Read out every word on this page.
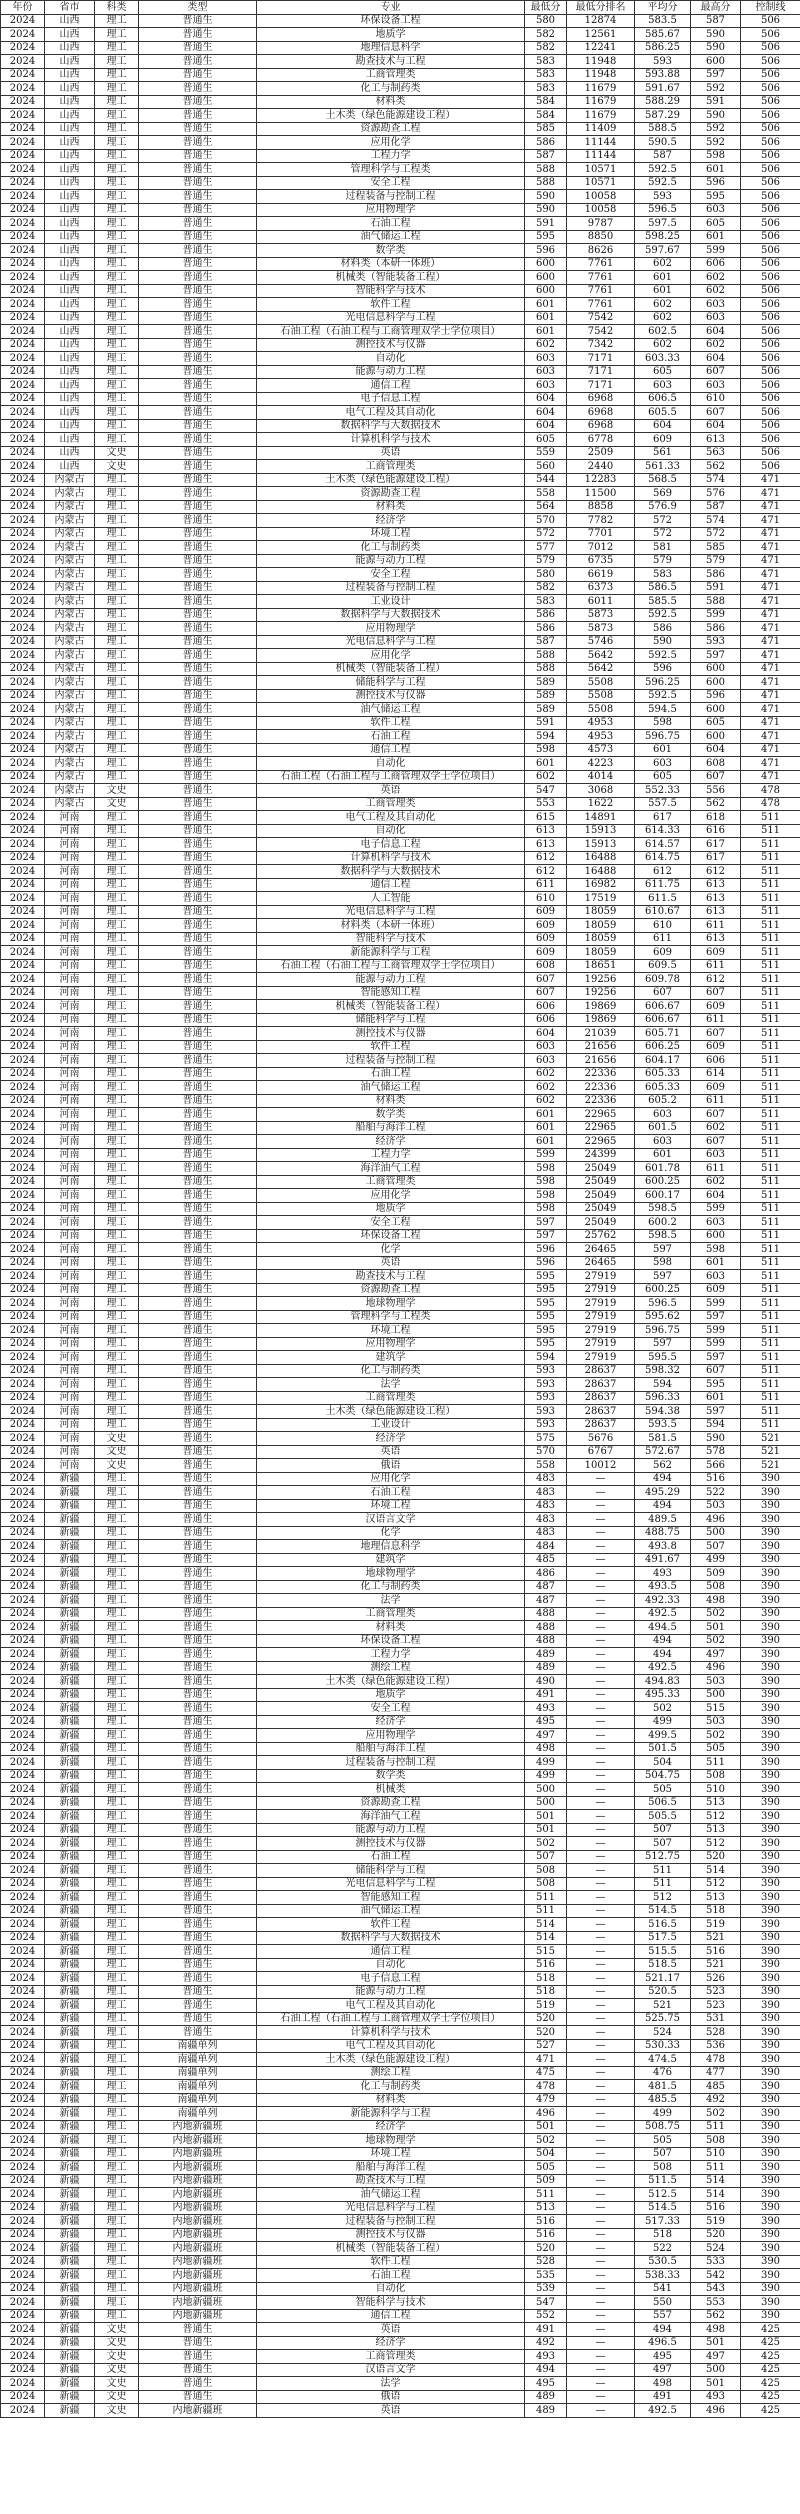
年份	省市	科类	类型	专业	最低分	最低分排名	平均分	最高分	控制线
2024	山西	理工	普通生	环保设备工程	580	12874	583.5	587	506
2024	山西	理工	普通生	地质学	582	12561	585.67	590	506
2024	山西	理工	普通生	地理信息科学	582	12241	586.25	590	506
2024	山西	理工	普通生	勘查技术与工程	583	11948	593	600	506
2024	山西	理工	普通生	工商管理类	583	11948	593.88	597	506
2024	山西	理工	普通生	化工与制药类	583	11679	591.67	592	506
2024	山西	理工	普通生	材料类	584	11679	588.29	591	506
2024	山西	理工	普通生	土木类（绿色能源建设工程）	584	11679	587.29	590	506
2024	山西	理工	普通生	资源勘查工程	585	11409	588.5	592	506
2024	山西	理工	普通生	应用化学	586	11144	590.5	592	506
2024	山西	理工	普通生	工程力学	587	11144	587	598	506
2024	山西	理工	普通生	管理科学与工程类	588	10571	592.5	601	506
2024	山西	理工	普通生	安全工程	588	10571	592.5	596	506
2024	山西	理工	普通生	过程装备与控制工程	590	10058	593	595	506
2024	山西	理工	普通生	应用物理学	590	10058	596.5	603	506
2024	山西	理工	普通生	石油工程	591	9787	597.5	605	506
2024	山西	理工	普通生	油气储运工程	595	8850	598.25	601	506
2024	山西	理工	普通生	数学类	596	8626	597.67	599	506
2024	山西	理工	普通生	材料类（本研一体班）	600	7761	602	606	506
2024	山西	理工	普通生	机械类（智能装备工程）	600	7761	601	602	506
2024	山西	理工	普通生	智能科学与技术	600	7761	601	602	506
2024	山西	理工	普通生	软件工程	601	7761	602	603	506
2024	山西	理工	普通生	光电信息科学与工程	601	7542	602	603	506
2024	山西	理工	普通生	石油工程（石油工程与工商管理双学士学位项目）	601	7542	602.5	604	506
2024	山西	理工	普通生	测控技术与仪器	602	7342	602	602	506
2024	山西	理工	普通生	自动化	603	7171	603.33	604	506
2024	山西	理工	普通生	能源与动力工程	603	7171	605	607	506
2024	山西	理工	普通生	通信工程	603	7171	603	603	506
2024	山西	理工	普通生	电子信息工程	604	6968	606.5	610	506
2024	山西	理工	普通生	电气工程及其自动化	604	6968	605.5	607	506
2024	山西	理工	普通生	数据科学与大数据技术	604	6968	604	604	506
2024	山西	理工	普通生	计算机科学与技术	605	6778	609	613	506
2024	山西	文史	普通生	英语	559	2509	561	563	506
2024	山西	文史	普通生	工商管理类	560	2440	561.33	562	506
2024	内蒙古	理工	普通生	土木类（绿色能源建设工程）	544	12283	568.5	574	471
2024	内蒙古	理工	普通生	资源勘查工程	558	11500	569	576	471
2024	内蒙古	理工	普通生	材料类	564	8858	576.9	587	471
2024	内蒙古	理工	普通生	经济学	570	7782	572	574	471
2024	内蒙古	理工	普通生	环境工程	572	7701	572	572	471
2024	内蒙古	理工	普通生	化工与制药类	577	7012	581	585	471
2024	内蒙古	理工	普通生	能源与动力工程	579	6735	579	579	471
2024	内蒙古	理工	普通生	安全工程	580	6619	583	586	471
2024	内蒙古	理工	普通生	过程装备与控制工程	582	6373	586.5	591	471
2024	内蒙古	理工	普通生	工业设计	583	6011	585.5	588	471
2024	内蒙古	理工	普通生	数据科学与大数据技术	586	5873	592.5	599	471
2024	内蒙古	理工	普通生	应用物理学	586	5873	586	586	471
2024	内蒙古	理工	普通生	光电信息科学与工程	587	5746	590	593	471
2024	内蒙古	理工	普通生	应用化学	588	5642	592.5	597	471
2024	内蒙古	理工	普通生	机械类（智能装备工程）	588	5642	596	600	471
2024	内蒙古	理工	普通生	储能科学与工程	589	5508	596.25	600	471
2024	内蒙古	理工	普通生	测控技术与仪器	589	5508	592.5	596	471
2024	内蒙古	理工	普通生	油气储运工程	589	5508	594.5	600	471
2024	内蒙古	理工	普通生	软件工程	591	4953	598	605	471
2024	内蒙古	理工	普通生	石油工程	594	4953	596.75	600	471
2024	内蒙古	理工	普通生	通信工程	598	4573	601	604	471
2024	内蒙古	理工	普通生	自动化	601	4223	603	608	471
2024	内蒙古	理工	普通生	石油工程（石油工程与工商管理双学士学位项目）	602	4014	605	607	471
2024	内蒙古	文史	普通生	英语	547	3068	552.33	556	478
2024	内蒙古	文史	普通生	工商管理类	553	1622	557.5	562	478
2024	河南	理工	普通生	电气工程及其自动化	615	14891	617	618	511
2024	河南	理工	普通生	自动化	613	15913	614.33	616	511
2024	河南	理工	普通生	电子信息工程	613	15913	614.57	617	511
2024	河南	理工	普通生	计算机科学与技术	612	16488	614.75	617	511
2024	河南	理工	普通生	数据科学与大数据技术	612	16488	612	612	511
2024	河南	理工	普通生	通信工程	611	16982	611.75	613	511
2024	河南	理工	普通生	人工智能	610	17519	611.5	613	511
2024	河南	理工	普通生	光电信息科学与工程	609	18059	610.67	613	511
2024	河南	理工	普通生	材料类（本研一体班）	609	18059	610	611	511
2024	河南	理工	普通生	智能科学与技术	609	18059	611	613	511
2024	河南	理工	普通生	新能源科学与工程	609	18059	609	609	511
2024	河南	理工	普通生	石油工程（石油工程与工商管理双学士学位项目）	608	18651	609.5	611	511
2024	河南	理工	普通生	能源与动力工程	607	19256	609.78	612	511
2024	河南	理工	普通生	智能感知工程	607	19256	607	607	511
2024	河南	理工	普通生	机械类（智能装备工程）	606	19869	606.67	609	511
2024	河南	理工	普通生	储能科学与工程	606	19869	606.67	611	511
2024	河南	理工	普通生	测控技术与仪器	604	21039	605.71	607	511
2024	河南	理工	普通生	软件工程	603	21656	606.25	609	511
2024	河南	理工	普通生	过程装备与控制工程	603	21656	604.17	606	511
2024	河南	理工	普通生	石油工程	602	22336	605.33	614	511
2024	河南	理工	普通生	油气储运工程	602	22336	605.33	609	511
2024	河南	理工	普通生	材料类	602	22336	605.2	611	511
2024	河南	理工	普通生	数学类	601	22965	603	607	511
2024	河南	理工	普通生	船舶与海洋工程	601	22965	601.5	602	511
2024	河南	理工	普通生	经济学	601	22965	603	607	511
2024	河南	理工	普通生	工程力学	599	24399	601	603	511
2024	河南	理工	普通生	海洋油气工程	598	25049	601.78	611	511
2024	河南	理工	普通生	工商管理类	598	25049	600.25	602	511
2024	河南	理工	普通生	应用化学	598	25049	600.17	604	511
2024	河南	理工	普通生	地质学	598	25049	598.5	599	511
2024	河南	理工	普通生	安全工程	597	25049	600.2	603	511
2024	河南	理工	普通生	环保设备工程	597	25762	598.5	600	511
2024	河南	理工	普通生	化学	596	26465	597	598	511
2024	河南	理工	普通生	英语	596	26465	598	601	511
2024	河南	理工	普通生	勘查技术与工程	595	27919	597	603	511
2024	河南	理工	普通生	资源勘查工程	595	27919	600.25	609	511
2024	河南	理工	普通生	地球物理学	595	27919	596.5	599	511
2024	河南	理工	普通生	管理科学与工程类	595	27919	595.62	597	511
2024	河南	理工	普通生	环境工程	595	27919	596.75	599	511
2024	河南	理工	普通生	应用物理学	595	27919	597	599	511
2024	河南	理工	普通生	建筑学	594	27919	595.5	597	511
2024	河南	理工	普通生	化工与制药类	593	28637	598.32	607	511
2024	河南	理工	普通生	法学	593	28637	594	595	511
2024	河南	理工	普通生	工商管理类	593	28637	596.33	601	511
2024	河南	理工	普通生	土木类（绿色能源建设工程）	593	28637	594.38	597	511
2024	河南	理工	普通生	工业设计	593	28637	593.5	594	511
2024	河南	文史	普通生	经济学	575	5676	581.5	590	521
2024	河南	文史	普通生	英语	570	6767	572.67	578	521
2024	河南	文史	普通生	俄语	558	10012	562	566	521
2024	新疆	理工	普通生	应用化学	483	—	494	516	390
2024	新疆	理工	普通生	石油工程	483	—	495.29	522	390
2024	新疆	理工	普通生	环境工程	483	—	494	503	390
2024	新疆	理工	普通生	汉语言文学	483	—	489.5	496	390
2024	新疆	理工	普通生	化学	483	—	488.75	500	390
2024	新疆	理工	普通生	地理信息科学	484	—	493.8	507	390
2024	新疆	理工	普通生	建筑学	485	—	491.67	499	390
2024	新疆	理工	普通生	地球物理学	486	—	493	509	390
2024	新疆	理工	普通生	化工与制药类	487	—	493.5	508	390
2024	新疆	理工	普通生	法学	487	—	492.33	498	390
2024	新疆	理工	普通生	工商管理类	488	—	492.5	502	390
2024	新疆	理工	普通生	材料类	488	—	494.5	501	390
2024	新疆	理工	普通生	环保设备工程	488	—	494	502	390
2024	新疆	理工	普通生	工程力学	489	—	494	497	390
2024	新疆	理工	普通生	测绘工程	489	—	492.5	496	390
2024	新疆	理工	普通生	土木类（绿色能源建设工程）	490	—	494.83	503	390
2024	新疆	理工	普通生	地质学	491	—	495.33	500	390
2024	新疆	理工	普通生	安全工程	493	—	502	515	390
2024	新疆	理工	普通生	经济学	495	—	499	503	390
2024	新疆	理工	普通生	应用物理学	497	—	499.5	502	390
2024	新疆	理工	普通生	船舶与海洋工程	498	—	501.5	505	390
2024	新疆	理工	普通生	过程装备与控制工程	499	—	504	511	390
2024	新疆	理工	普通生	数学类	499	—	504.75	508	390
2024	新疆	理工	普通生	机械类	500	—	505	510	390
2024	新疆	理工	普通生	资源勘查工程	500	—	506.5	513	390
2024	新疆	理工	普通生	海洋油气工程	501	—	505.5	512	390
2024	新疆	理工	普通生	能源与动力工程	501	—	507	513	390
2024	新疆	理工	普通生	测控技术与仪器	502	—	507	512	390
2024	新疆	理工	普通生	石油工程	507	—	512.75	520	390
2024	新疆	理工	普通生	储能科学与工程	508	—	511	514	390
2024	新疆	理工	普通生	光电信息科学与工程	508	—	511	512	390
2024	新疆	理工	普通生	智能感知工程	511	—	512	513	390
2024	新疆	理工	普通生	油气储运工程	511	—	514.5	518	390
2024	新疆	理工	普通生	软件工程	514	—	516.5	519	390
2024	新疆	理工	普通生	数据科学与大数据技术	514	—	517.5	521	390
2024	新疆	理工	普通生	通信工程	515	—	515.5	516	390
2024	新疆	理工	普通生	自动化	516	—	518.5	521	390
2024	新疆	理工	普通生	电子信息工程	518	—	521.17	526	390
2024	新疆	理工	普通生	能源与动力工程	518	—	520.5	523	390
2024	新疆	理工	普通生	电气工程及其自动化	519	—	521	523	390
2024	新疆	理工	普通生	石油工程（石油工程与工商管理双学士学位项目）	520	—	525.75	531	390
2024	新疆	理工	普通生	计算机科学与技术	520	—	524	528	390
2024	新疆	理工	南疆单列	电气工程及其自动化	527	—	530.33	536	390
2024	新疆	理工	南疆单列	土木类（绿色能源建设工程）	471	—	474.5	478	390
2024	新疆	理工	南疆单列	测绘工程	475	—	476	477	390
2024	新疆	理工	南疆单列	化工与制药类	478	—	481.5	485	390
2024	新疆	理工	南疆单列	材料类	479	—	485.5	492	390
2024	新疆	理工	南疆单列	新能源科学与工程	496	—	499	502	390
2024	新疆	理工	内地新疆班	经济学	501	—	508.75	511	390
2024	新疆	理工	内地新疆班	地球物理学	502	—	505	508	390
2024	新疆	理工	内地新疆班	环境工程	504	—	507	510	390
2024	新疆	理工	内地新疆班	船舶与海洋工程	505	—	508	511	390
2024	新疆	理工	内地新疆班	勘查技术与工程	509	—	511.5	514	390
2024	新疆	理工	内地新疆班	油气储运工程	511	—	512.5	514	390
2024	新疆	理工	内地新疆班	光电信息科学与工程	513	—	514.5	516	390
2024	新疆	理工	内地新疆班	过程装备与控制工程	516	—	517.33	519	390
2024	新疆	理工	内地新疆班	测控技术与仪器	516	—	518	520	390
2024	新疆	理工	内地新疆班	机械类（智能装备工程）	520	—	522	524	390
2024	新疆	理工	内地新疆班	软件工程	528	—	530.5	533	390
2024	新疆	理工	内地新疆班	石油工程	535	—	538.33	542	390
2024	新疆	理工	内地新疆班	自动化	539	—	541	543	390
2024	新疆	理工	内地新疆班	智能科学与技术	547	—	550	553	390
2024	新疆	理工	内地新疆班	通信工程	552	—	557	562	390
2024	新疆	文史	普通生	英语	491	—	494	498	425
2024	新疆	文史	普通生	经济学	492	—	496.5	501	425
2024	新疆	文史	普通生	工商管理类	493	—	495	497	425
2024	新疆	文史	普通生	汉语言文学	494	—	497	500	425
2024	新疆	文史	普通生	法学	495	—	498	501	425
2024	新疆	文史	普通生	俄语	489	—	491	493	425
2024	新疆	文史	内地新疆班	英语	489	—	492.5	496	425
